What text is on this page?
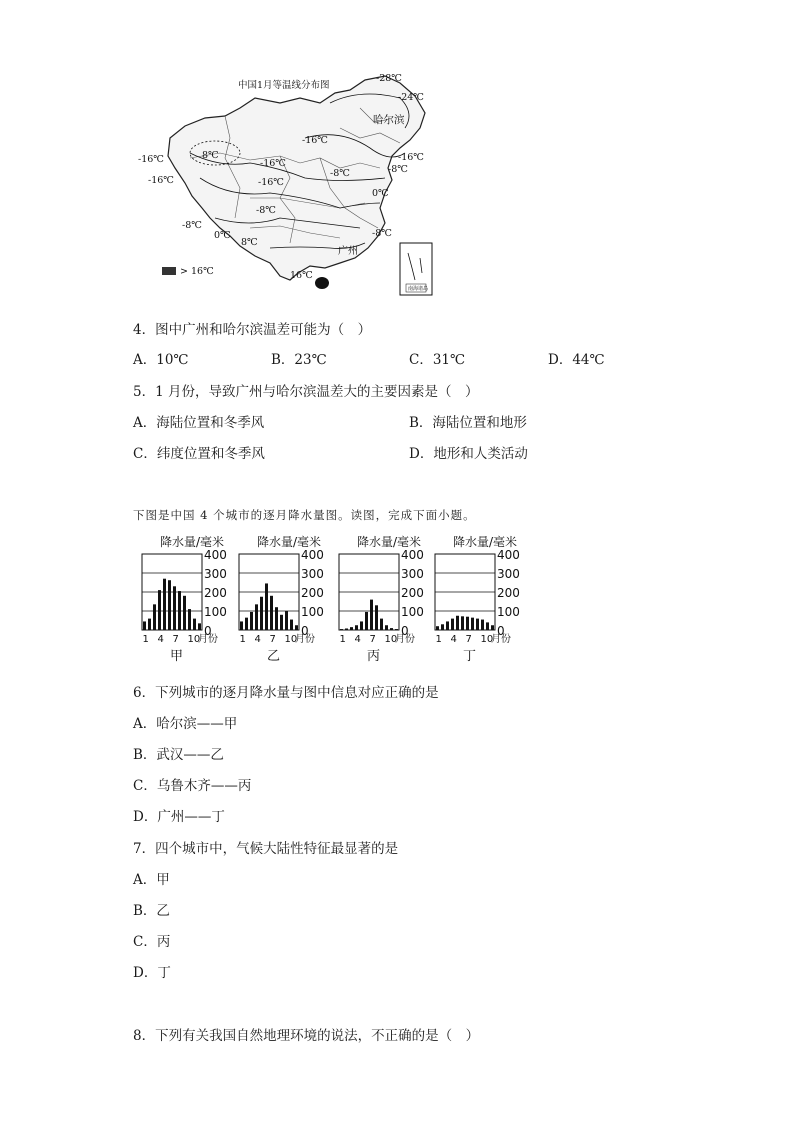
南海诸岛
中国1月等温线分布图
-28℃
-24℃
哈尔滨
-16℃
-16℃
-16℃
8℃
-16℃
-16℃
-16℃
-8℃
-8℃
0℃
-8℃
-8℃
0℃
8℃
广州
16℃
-8℃
> 16℃
4．图中广州和哈尔滨温差可能为（　）
A．10℃	B．23℃	C．31℃	D．44℃
5．1 月份，导致广州与哈尔滨温差大的主要因素是（　）
A．海陆位置和冬季风	B．海陆位置和地形
C．纬度位置和冬季风	D．地形和人类活动
下图是中国 4 个城市的逐月降水量图。读图，完成下面小题。
400
300
200
100
0
降水量/毫米
1 4 7 10
月份
甲
400
300
200
100
0
降水量/毫米
1 4 7 10
月份
乙
400
300
200
100
0
降水量/毫米
1 4 7 10
月份
丙
400
300
200
100
0
降水量/毫米
1 4 7 10
月份
丁
6．下列城市的逐月降水量与图中信息对应正确的是
A．哈尔滨——甲
B．武汉——乙
C．乌鲁木齐——丙
D．广州——丁
7．四个城市中，气候大陆性特征最显著的是
A．甲
B．乙
C．丙
D．丁
8．下列有关我国自然地理环境的说法，不正确的是（　）
